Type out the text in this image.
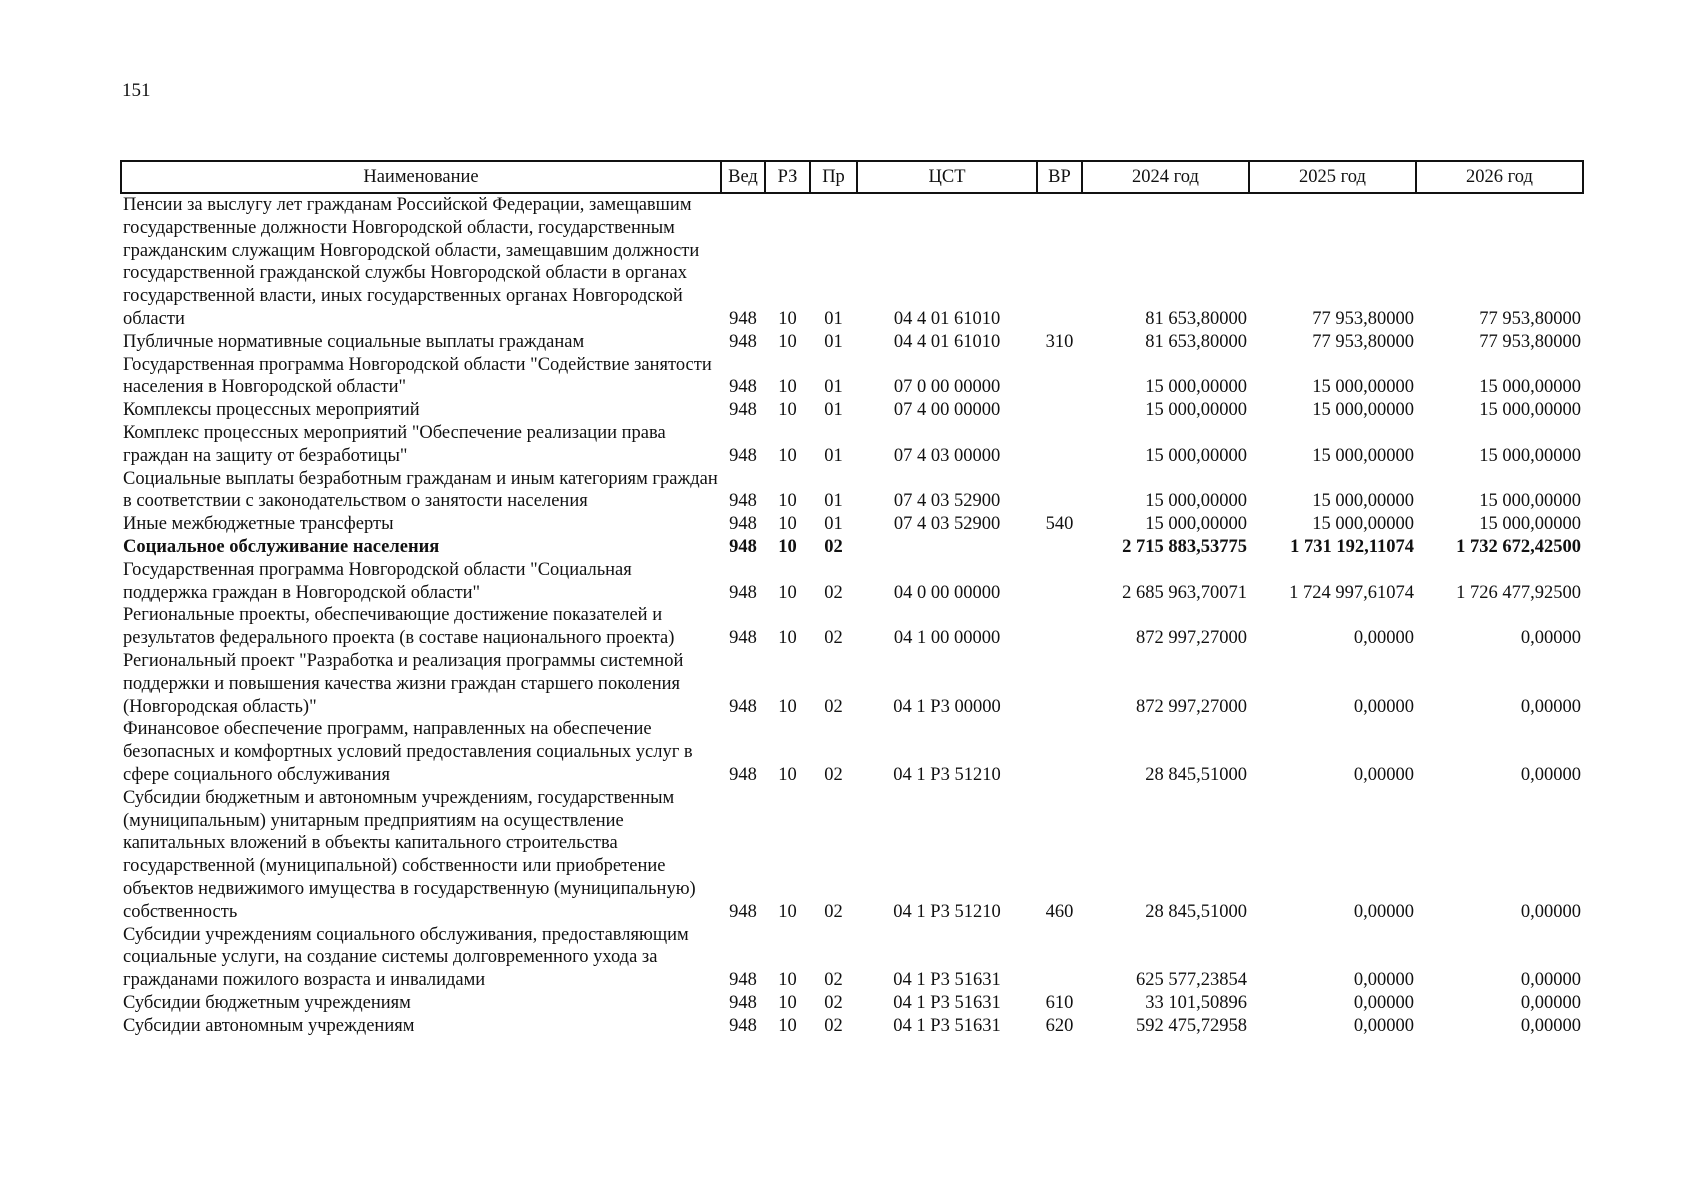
151
Наименование	Вед	РЗ	Пр	ЦСТ	ВР	2024 год	2025 год	2026 год
Пенсии за выслугу лет гражданам Российской Федерации, замещавшим государственные должности Новгородской области, государственным гражданским служащим Новгородской области, замещавшим должности государственной гражданской службы Новгородской области в органах государственной власти, иных государственных органах Новгородской области	948	10	01	04 4 01 61010		81 653,80000	77 953,80000	77 953,80000
Публичные нормативные социальные выплаты гражданам	948	10	01	04 4 01 61010	310	81 653,80000	77 953,80000	77 953,80000
Государственная программа Новгородской области "Содействие занятости населения в Новгородской области"	948	10	01	07 0 00 00000		15 000,00000	15 000,00000	15 000,00000
Комплексы процессных мероприятий	948	10	01	07 4 00 00000		15 000,00000	15 000,00000	15 000,00000
Комплекс процессных мероприятий "Обеспечение реализации права граждан на защиту от безработицы"	948	10	01	07 4 03 00000		15 000,00000	15 000,00000	15 000,00000
Социальные выплаты безработным гражданам и иным категориям граждан в соответствии с законодательством о занятости населения	948	10	01	07 4 03 52900		15 000,00000	15 000,00000	15 000,00000
Иные межбюджетные трансферты	948	10	01	07 4 03 52900	540	15 000,00000	15 000,00000	15 000,00000
Социальное обслуживание населения	948	10	02			2 715 883,53775	1 731 192,11074	1 732 672,42500
Государственная программа Новгородской области "Социальная поддержка граждан в Новгородской области"	948	10	02	04 0 00 00000		2 685 963,70071	1 724 997,61074	1 726 477,92500
Региональные проекты, обеспечивающие достижение показателей и результатов федерального проекта (в составе национального проекта)	948	10	02	04 1 00 00000		872 997,27000	0,00000	0,00000
Региональный проект "Разработка и реализация программы системной поддержки и повышения качества жизни граждан старшего поколения (Новгородская область)"	948	10	02	04 1 Р3 00000		872 997,27000	0,00000	0,00000
Финансовое обеспечение программ, направленных на обеспечение безопасных и комфортных условий предоставления социальных услуг в сфере социального обслуживания	948	10	02	04 1 Р3 51210		28 845,51000	0,00000	0,00000
Субсидии бюджетным и автономным учреждениям, государственным (муниципальным) унитарным предприятиям на осуществление капитальных вложений в объекты капитального строительства государственной (муниципальной) собственности или приобретение объектов недвижимого имущества в государственную (муниципальную) собственность	948	10	02	04 1 Р3 51210	460	28 845,51000	0,00000	0,00000
Субсидии учреждениям социального обслуживания, предоставляющим социальные услуги, на создание системы долговременного ухода за гражданами пожилого возраста и инвалидами	948	10	02	04 1 Р3 51631		625 577,23854	0,00000	0,00000
Субсидии бюджетным учреждениям	948	10	02	04 1 Р3 51631	610	33 101,50896	0,00000	0,00000
Субсидии автономным учреждениям	948	10	02	04 1 Р3 51631	620	592 475,72958	0,00000	0,00000
